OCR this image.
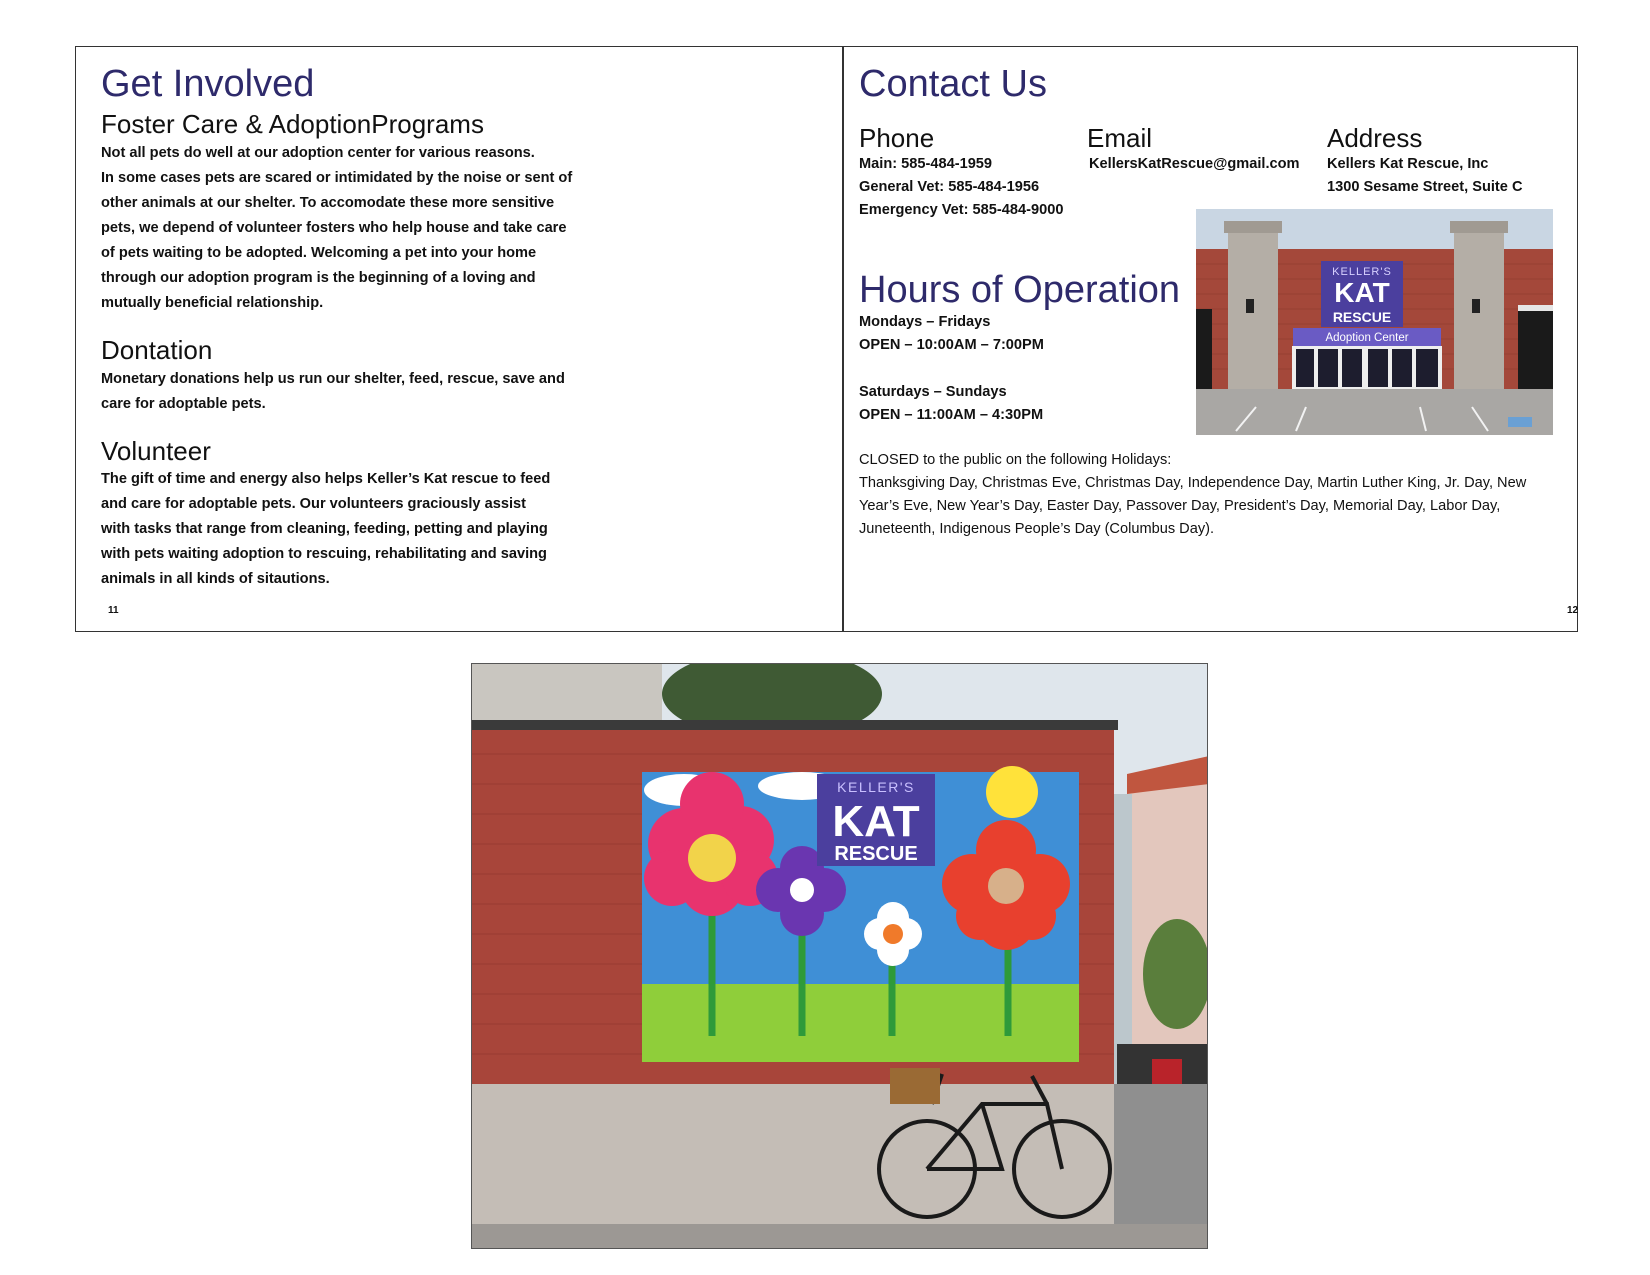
Get Involved
Foster Care & AdoptionPrograms

Not all pets do well at our adoption center for various reasons.
In some cases pets are scared or intimidated by the noise or sent of
other animals at our shelter. To accomodate these more sensitive
pets, we depend of volunteer fosters who help house and take care
of pets waiting to be adopted. Welcoming a pet into your home
through our adoption program is the beginning of a loving and
mutually beneficial relationship.

Dontation

Monetary donations help us run our shelter, feed, rescue, save and
care for adoptable pets.

Volunteer

The gift of time and energy also helps Keller’s Kat rescue to feed
and care for adoptable pets. Our volunteers graciously assist
with tasks that range from cleaning, feeding, petting and playing
with pets waiting adoption to rescuing, rehabilitating and saving
animals in all kinds of sitautions.

11
Contact Us
Phone

Main: 585-484-1959
General Vet: 585-484-1956
Emergency Vet: 585-484-9000

Email

KellersKatRescue@gmail.com

Address

Kellers Kat Rescue, Inc
1300 Sesame Street, Suite C

Hours of Operation

Mondays – Fridays
OPEN – 10:00AM – 7:00PM

Saturdays – Sundays
OPEN – 11:00AM – 4:30PM

CLOSED to the public on the following Holidays:
Thanksgiving Day, Christmas Eve, Christmas Day, Independence Day, Martin Luther King, Jr. Day, New
Year’s Eve, New Year’s Day, Easter Day, Passover Day, President’s Day, Memorial Day, Labor Day,
Juneteenth, Indigenous People’s Day (Columbus Day).

12
KELLER'S
KAT
RESCUE
Adoption Center
KELLER'S
KAT
RESCUE
